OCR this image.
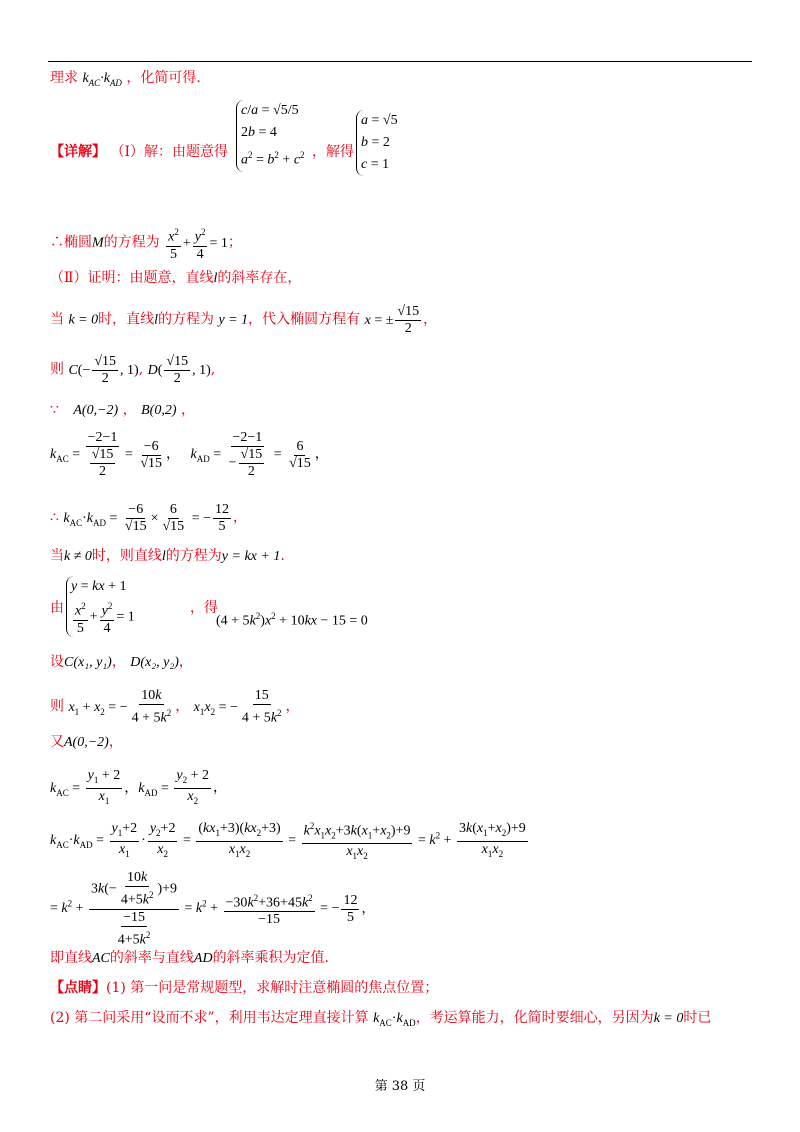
理求 $k_{AC}\cdot k_{AD}$ ，化简可得.
【详解】 （Ⅰ）解：由题意得
c/a = √5/5
2b = 4
$a^2 = b^2 + c^2$ ，解得
a = √5
b = 2
c = 1
∴椭圆M的方程为 $\frac{x^2}{5} + \frac{y^2}{4} = 1$；
（Ⅱ）证明：由题意，直线l的斜率存在，
当 k = 0时，直线l的方程为 y = 1，代入椭圆方程有 x = ± $\frac{√15}{2}$ ，
则 $C(- \frac{√15}{2}$ , 1), $D( \frac{√15}{2}$ , 1),
∵ A(0,−2) ， B(0,2) ，
$k_{AC} = \frac{-2-1}{\frac{√15}{2}} = \frac{-6}{√15}$ ， $k_{AD} = \frac{-2-1}{- \frac{√15}{2}} = \frac{6}{√15}$ ，
∴ $k_{AC}\cdot k_{AD} = \frac{-6}{√15} \times \frac{6}{√15}$ = − $\frac{12}{5}$ ，
当k ≠ 0时，则直线l的方程为y = kx + 1.
由
y = kx + 1
$\frac{x^2}{5} + \frac{y^2}{4} = 1$
，得
$(4 + 5k^2)x^2 + 10kx - 15 = 0$
设C(x₁, y₁)， D(x₂, y₂)，
则 $x_1 + x_2$ = − $\frac{10k}{4 + 5k^2}$ ， $x_1x_2$ = − $\frac{15}{4 + 5k^2}$ ，
又A(0,−2)，
$k_{AC} = \frac{y_1 + 2}{x_1}$ ，$k_{AD} = \frac{y_2 + 2}{x_2}$ ，
$k_{AC}\cdot k_{AD} = \frac{y_1+2}{x_1} \cdot \frac{y_2+2}{x_2} = \frac{(kx_1+3)(kx_2+3)}{x_1x_2} = \frac{k^2x_1x_2+3k(x_1+x_2)+9}{x_1x_2} = k^2 + \frac{3k(x_1+x_2)+9}{x_1x_2}$
= $k^2 + \frac{3k(- \frac{10k}{4+5k^2} )+9}{\frac{-15}{4+5k^2}} = k^2 + \frac{-30k^2+36+45k^2}{-15}$ = − $\frac{12}{5}$ ，
即直线AC的斜率与直线AD的斜率乘积为定值.
【点睛】(1) 第一问是常规题型，求解时注意椭圆的焦点位置；
(2) 第二问采用“设而不求”，利用韦达定理直接计算 $k_{AC}\cdot k_{AD}$，考运算能力，化简时要细心，另因为k = 0时已
第 38 页
